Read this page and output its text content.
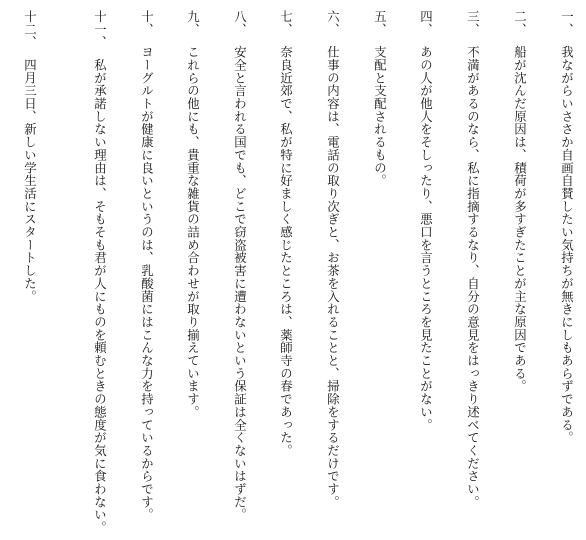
一、我ながらいささか自画自賛したい気持ちが無きにしもあらずである。
二、船が沈んだ原因は、積荷が多すぎたことが主な原因である。
三、不満があるのなら、私に指摘するなり、自分の意見をはっきり述べてください。
四、あの人が他人をそしったり、悪口を言うところを見たことがない。
五、支配と支配されるもの。
六、仕事の内容は、電話の取り次ぎと、お茶を入れることと、掃除をするだけです。
七、奈良近郊で、私が特に好ましく感じたところは、薬師寺の春であった。
八、安全と言われる国でも、どこで窃盗被害に遭わないという保証は全くないはずだ。
九、これらの他にも、貴重な雑貨の詰め合わせが取り揃えています。
十、ヨーグルトが健康に良いというのは、乳酸菌にはこんな力を持っているからです。
十一、私が承諾しない理由は、そもそも君が人にものを頼むときの態度が気に食わない。
十二、四月三日、新しい学生活にスタートした。
